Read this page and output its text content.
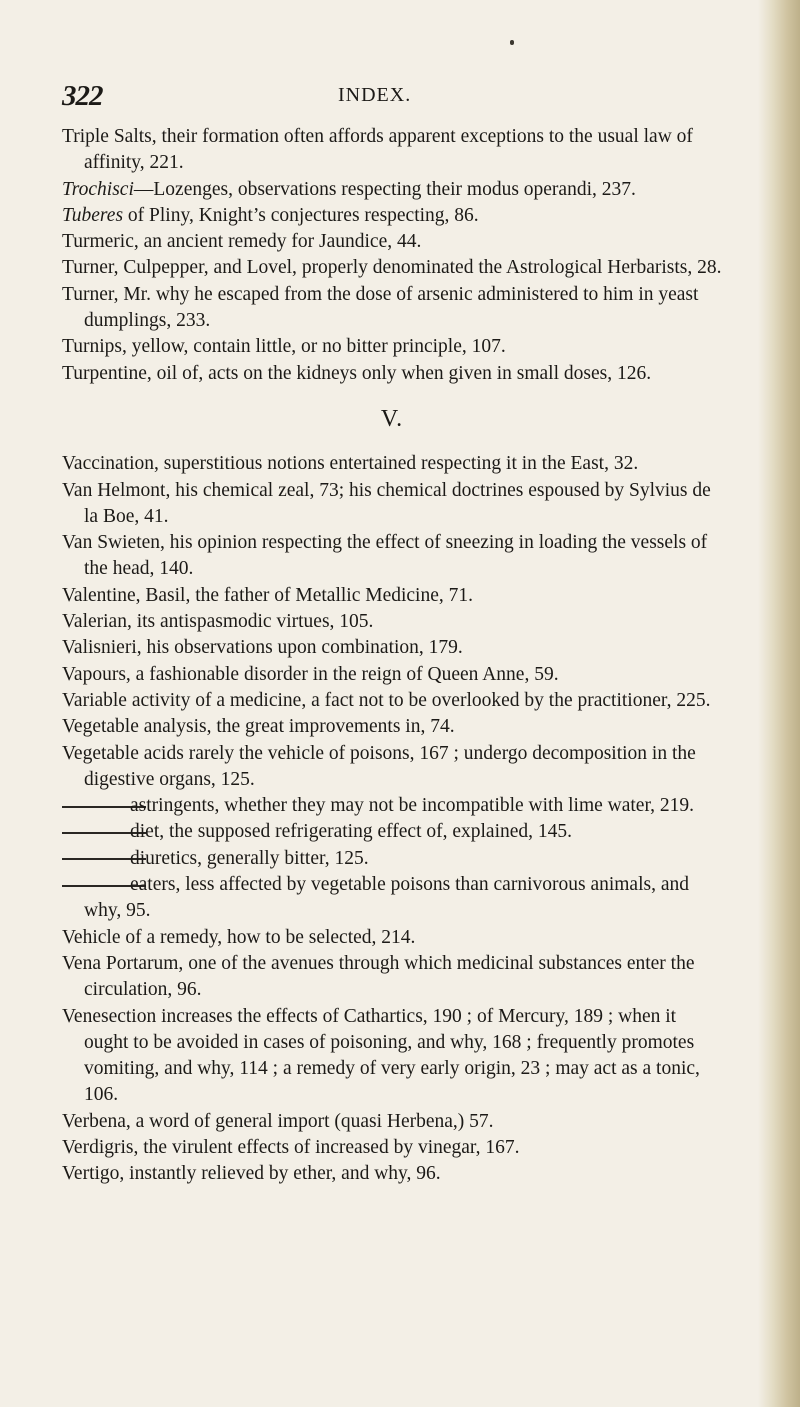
322	INDEX.

Triple Salts, their formation often affords apparent exceptions to the usual law of affinity, 221.

Trochisci—Lozenges, observations respecting their modus operandi, 237.

Tuberes of Pliny, Knight’s conjectures respecting, 86.

Turmeric, an ancient remedy for Jaundice, 44.

Turner, Culpepper, and Lovel, properly denominated the Astrological Herbarists, 28.

Turner, Mr. why he escaped from the dose of arsenic administered to him in yeast dumplings, 233.

Turnips, yellow, contain little, or no bitter principle, 107.

Turpentine, oil of, acts on the kidneys only when given in small doses, 126.

V.

Vaccination, superstitious notions entertained respecting it in the East, 32.

Van Helmont, his chemical zeal, 73; his chemical doctrines espoused by Sylvius de la Boe, 41.

Van Swieten, his opinion respecting the effect of sneezing in loading the vessels of the head, 140.

Valentine, Basil, the father of Metallic Medicine, 71.

Valerian, its antispasmodic virtues, 105.

Valisnieri, his observations upon combination, 179.

Vapours, a fashionable disorder in the reign of Queen Anne, 59.

Variable activity of a medicine, a fact not to be overlooked by the practitioner, 225.

Vegetable analysis, the great improvements in, 74.

Vegetable acids rarely the vehicle of poisons, 167 ; undergo decomposition in the digestive organs, 125.

astringents, whether they may not be incompatible with lime water, 219.

diet, the supposed refrigerating effect of, explained, 145.

diuretics, generally bitter, 125.

eaters, less affected by vegetable poisons than carnivorous animals, and why, 95.

Vehicle of a remedy, how to be selected, 214.

Vena Portarum, one of the avenues through which medicinal substances enter the circulation, 96.

Venesection increases the effects of Cathartics, 190 ; of Mercury, 189 ; when it ought to be avoided in cases of poisoning, and why, 168 ; frequently promotes vomiting, and why, 114 ; a remedy of very early origin, 23 ; may act as a tonic, 106.

Verbena, a word of general import (quasi Herbena,) 57.

Verdigris, the virulent effects of increased by vinegar, 167.

Vertigo, instantly relieved by ether, and why, 96.
